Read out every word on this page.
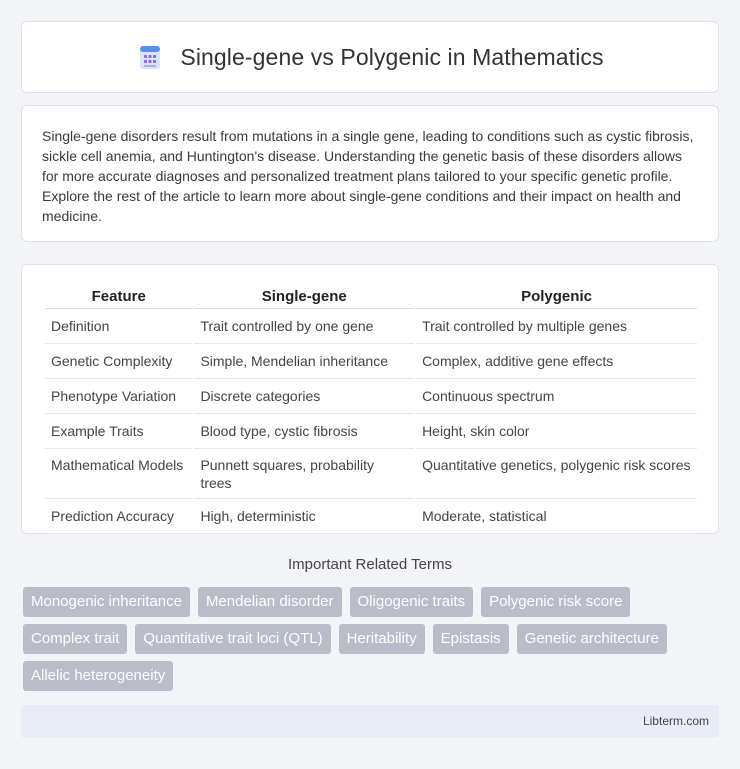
Single-gene vs Polygenic in Mathematics

Single-gene disorders result from mutations in a single gene, leading to conditions such as cystic fibrosis, sickle cell anemia, and Huntington's disease. Understanding the genetic basis of these disorders allows for more accurate diagnoses and personalized treatment plans tailored to your specific genetic profile. Explore the rest of the article to learn more about single-gene conditions and their impact on health and medicine.

Feature	Single-gene	Polygenic
Definition	Trait controlled by one gene	Trait controlled by multiple genes
Genetic Complexity	Simple, Mendelian inheritance	Complex, additive gene effects
Phenotype Variation	Discrete categories	Continuous spectrum
Example Traits	Blood type, cystic fibrosis	Height, skin color
Mathematical Models	Punnett squares, probability trees	Quantitative genetics, polygenic risk scores
Prediction Accuracy	High, deterministic	Moderate, statistical
Important Related Terms
Monogenic inheritance	Mendelian disorder	Oligogenic traits	Polygenic risk score
Complex trait	Quantitative trait loci (QTL)	Heritability	Epistasis	Genetic architecture
Allelic heterogeneity
Libterm.com
